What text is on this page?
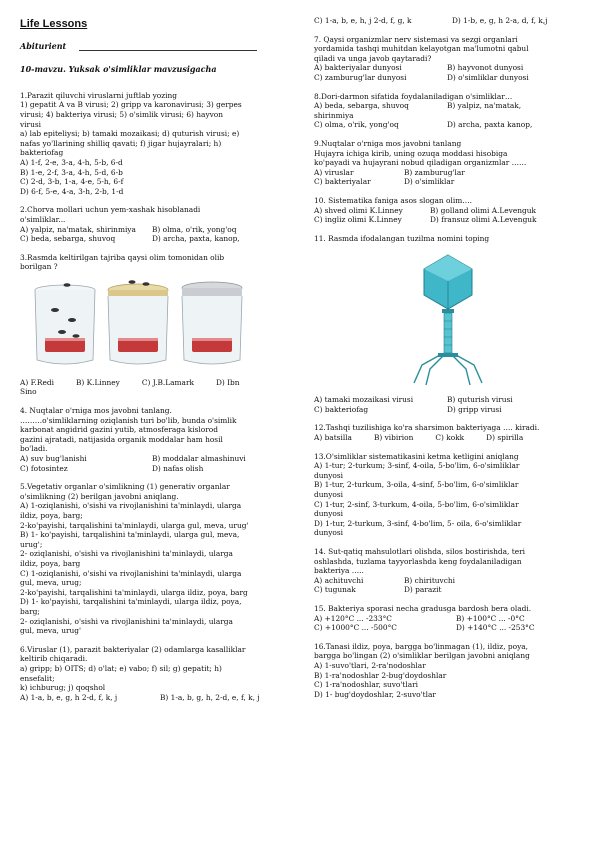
Life Lessons
Abiturient
10-mavzu. Yuksak o'simliklar mavzusigacha
1.Parazit qiluvchi viruslarni juftlab yozing
1) gepatit A va B virusi; 2) gripp va karonavirusi; 3) gerpes
virusi; 4) bakteriya virusi; 5) o'simlik virusi; 6) hayvon
virusi
a) lab epiteliysi; b) tamaki mozaikasi; d) quturish virusi; e)
nafas yo'llarining shilliq qavati; f) jigar hujayralari; h)
bakteriofag
A) 1-f, 2-e, 3-a, 4-h, 5-b, 6-d
B) 1-e, 2-f, 3-a, 4-h, 5-d, 6-b
C) 2-d, 3-b, 1-a, 4-e, 5-h, 6-f
D) 6-f, 5-e, 4-a, 3-h, 2-b, 1-d
2.Chorva mollari uchun yem-xashak hisoblanadi
o'simliklar...
A) yalpiz, na'matak, shirinmiya	B) olma, o'rik, yong'oq
C) beda, sebarga, shuvoq	D) archa, paxta, kanop,
3.Rasmda keltirilgan tajriba qaysi olim tomonidan olib
borilgan ?
A) F.Redi	B) K.Linney	C) J.B.Lamark	D) Ibn
Sino
4. Nuqtalar o'rniga mos javobni tanlang.
………o'simliklarning oziqlanish turi bo'lib, bunda o'simlik
karbonat angidrid gazini yutib, atmosferaga kislorod
gazini ajratadi, natijasida organik moddalar ham hosil
bo'ladi.
A) suv bug'lanishi	B) moddalar almashinuvi
C) fotosintez	D) nafas olish
5.Vegetativ organlar o'simlikning (1) generativ organlar
o'simlikning (2) berilgan javobni aniqlang.
A) 1-oziqlanishi, o'sishi va rivojlanishini ta'minlaydi, ularga
ildiz, poya, barg;
2-ko'payishi, tarqalishini ta'minlaydi, ularga gul, meva, urug'
B) 1- ko'payishi, tarqalishini ta'minlaydi, ularga gul, meva,
urug';
2- oziqlanishi, o'sishi va rivojlanishini ta'minlaydi, ularga
ildiz, poya, barg
C) 1-oziqlanishi, o'sishi va rivojlanishini ta'minlaydi, ularga
gul, meva, urug;
2-ko'payishi, tarqalishini ta'minlaydi, ularga ildiz, poya, barg
D) 1- ko'payishi, tarqalishini ta'minlaydi, ularga ildiz, poya,
barg;
2- oziqlanishi, o'sishi va rivojlanishini ta'minlaydi, ularga
gul, meva, urug'
6.Viruslar (1), parazit bakteriyalar (2) odamlarga kasalliklar
keltirib chiqaradi.
a) gripp; b) OITS; d) o'lat; e) vabo; f) sil; g) gepatit; h)
ensefalit;
k) ichburug; j) qoqshol
A) 1-a, b, e, g, h 2-d, f, k, j	B) 1-a, b, g, h, 2-d, e, f, k, j
C) 1-a, b, e, h, j 2-d, f, g, k	D) 1-b, e, g, h 2-a, d, f, k,j
7. Qaysi organizmlar nerv sistemasi va sezgi organlari
yordamida tashqi muhitdan kelayotgan ma'lumotni qabul
qiladi va unga javob qaytaradi?
A) bakteriyalar dunyosi	B) hayvonot dunyosi
C) zamburug'lar dunyosi	D) o'simliklar dunyosi
8.Dori-darmon sifatida foydalaniladigan o'simliklar…
A) beda, sebarga, shuvoq	B) yalpiz, na'matak,
shirinmiya
C) olma, o'rik, yong'oq	D) archa, paxta kanop,
9.Nuqtalar o'rniga mos javobni tanlang
Hujayra ichiga kirib, uning ozuqa moddasi hisobiga
ko'payadi va hujayrani nobud qiladigan organizmlar ……
A) viruslar	B) zamburug'lar
C) bakteriyalar	D) o'simliklar
10. Sistematika faniga asos slogan olim….
A) shved olimi K.Linney	B) golland olimi A.Levenguk
C) ingliz olimi K.Linney	D) fransuz olimi A.Levenguk
11. Rasmda ifodalangan tuzilma nomini toping
A) tamaki mozaikasi virusi	B) quturish virusi
C) bakteriofag	D) gripp virusi
12.Tashqi tuzilishiga ko'ra sharsimon bakteriyaga …. kiradi.
A) batsilla	B) vibirion	C) kokk	D) spirilla
13.O'simliklar sistematikasini ketma ketligini aniqlang
A) 1-tur; 2-turkum; 3-sinf, 4-oila, 5-bo'lim, 6-o'simliklar
dunyosi
B) 1-tur, 2-turkum, 3-oila, 4-sinf, 5-bo'lim, 6-o'simliklar
dunyosi
C) 1-tur, 2-sinf, 3-turkum, 4-oila, 5-bo'lim, 6-o'simliklar
dunyosi
D) 1-tur, 2-turkum, 3-sinf, 4-bo'lim, 5- oila, 6-o'simliklar
dunyosi
14. Sut-qatiq mahsulotlari olishda, silos bostirishda, teri
oshlashda, tuzlama tayyorlashda keng foydalaniladigan
bakteriya …..
A) achituvchi	B) chirituvchi
C) tugunak	D) parazit
15. Bakteriya sporasi necha gradusga bardosh bera oladi.
A) +120°C ... -233°C	B) +100°C ... -0°C
C) +1000°C ... -500°C	D) +140°C ... -253°C
16.Tanasi ildiz, poya, bargga bo'linmagan (1), ildiz, poya,
bargga bo'lingan (2) o'simliklar berilgan javobni aniqlang
A) 1-suvo'tlari, 2-ra'nodoshlar
B) 1-ra'nodoshlar 2-bug'doydoshlar
C) 1-ra'nodoshlar, suvo'tlari
D) 1- bug'doydoshlar, 2-suvo'tlar
